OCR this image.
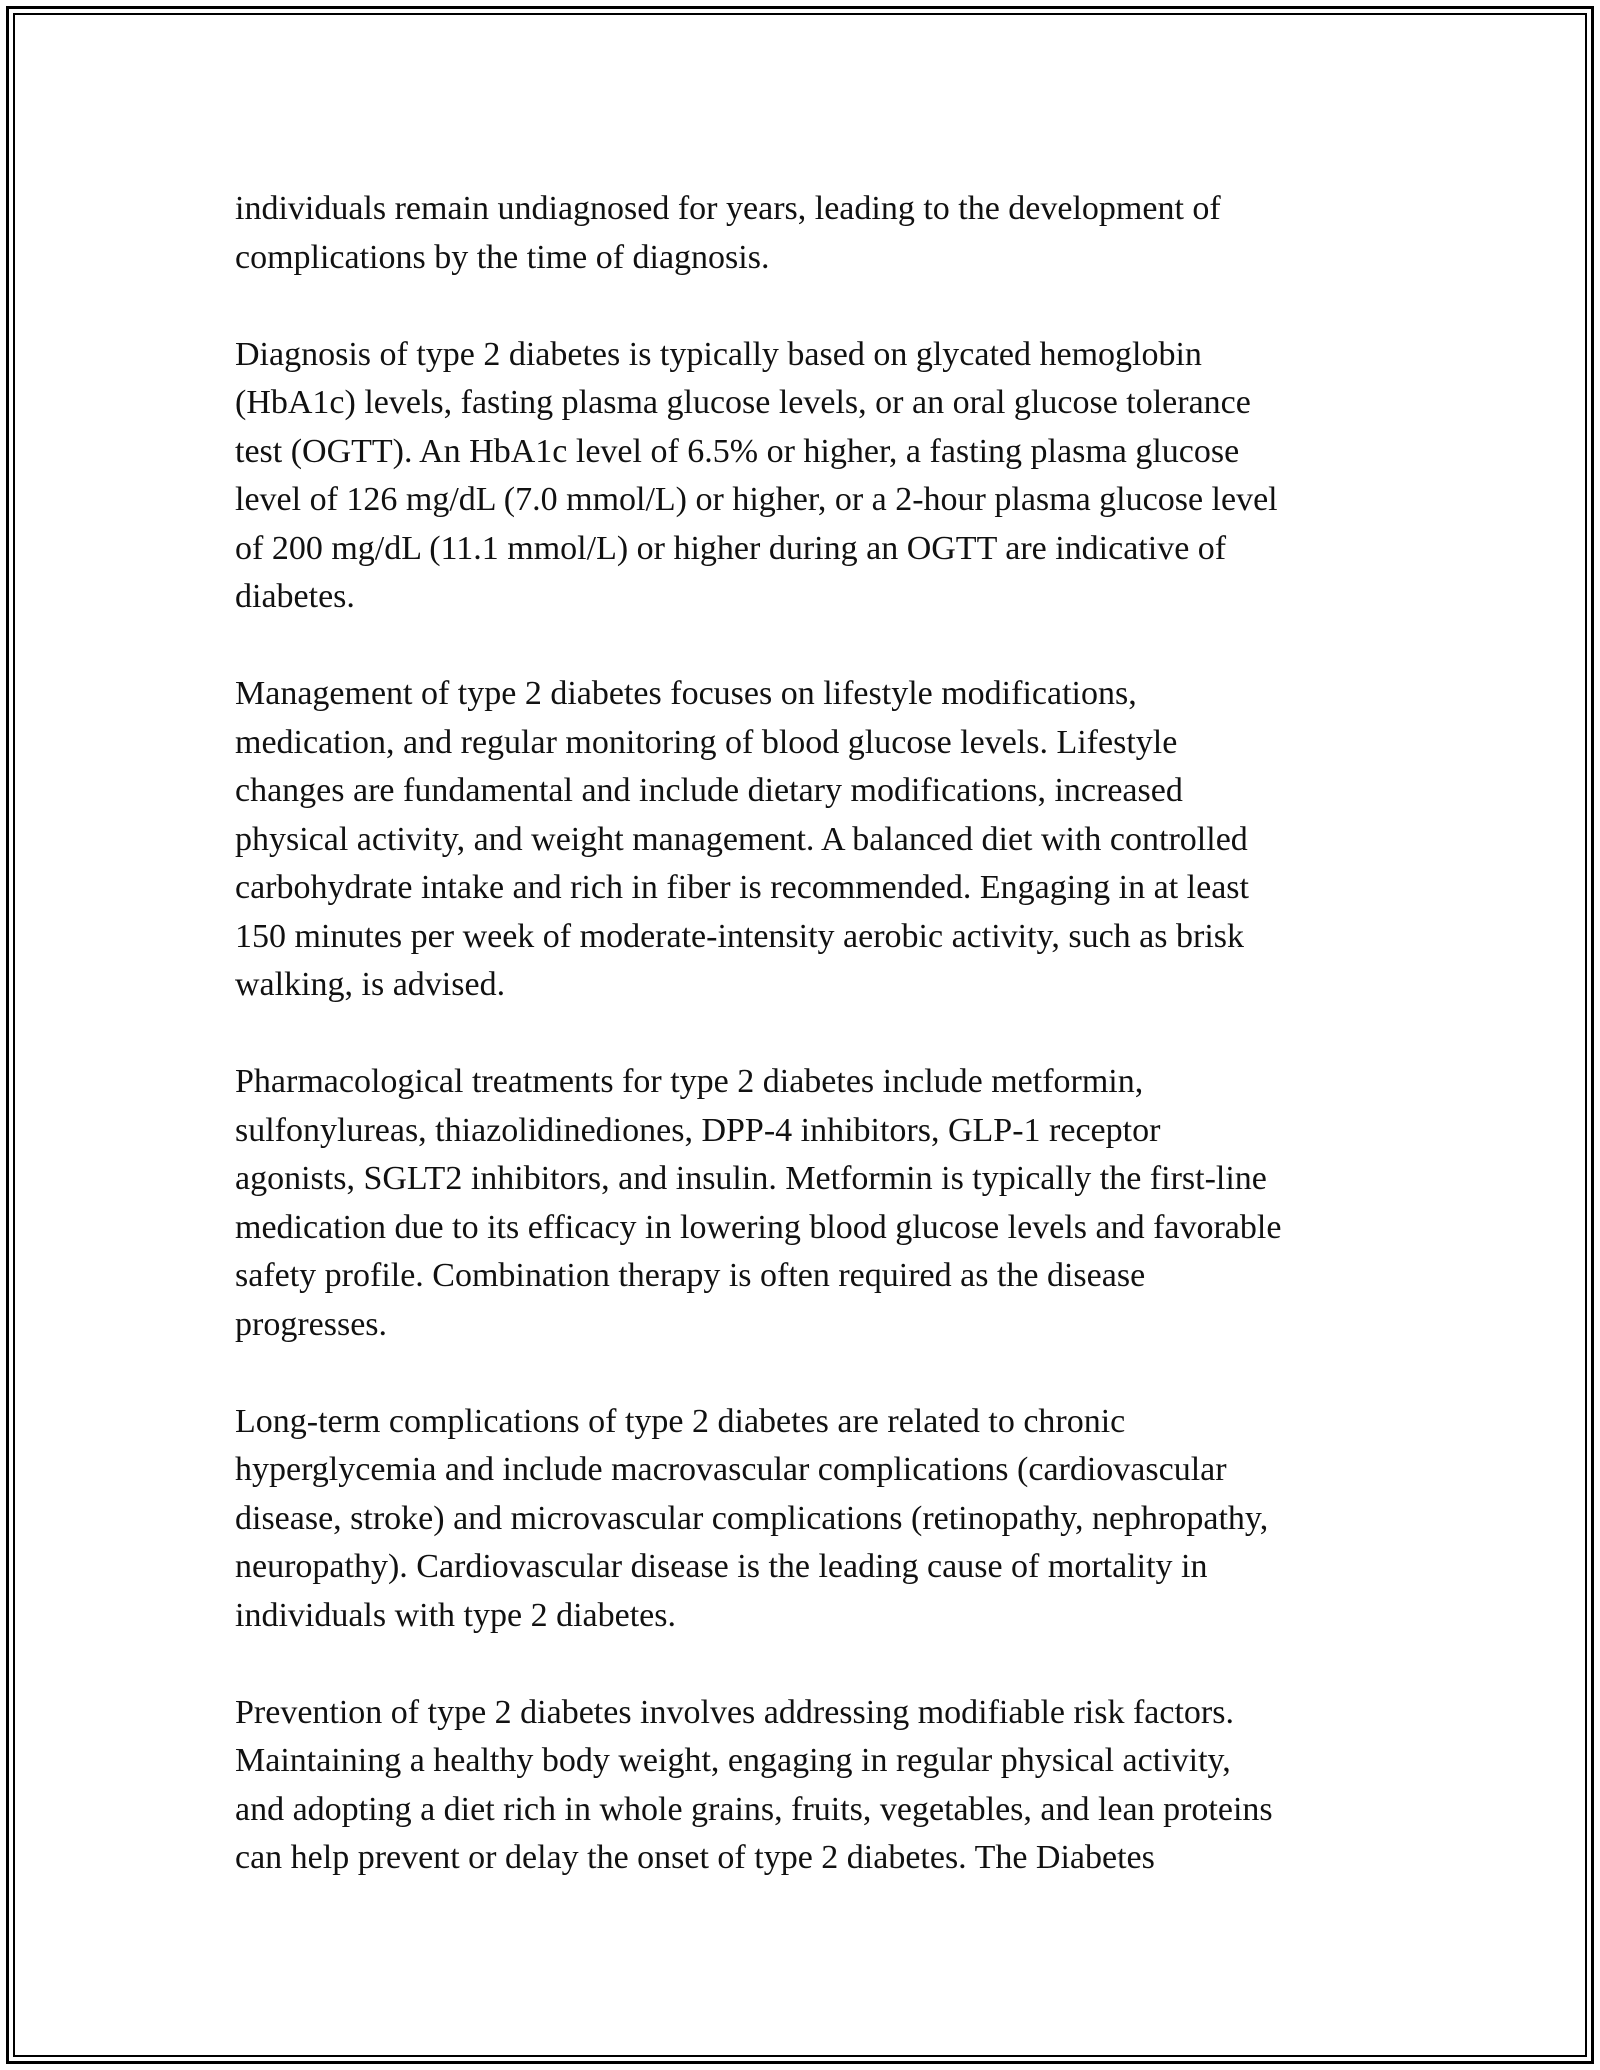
individuals remain undiagnosed for years, leading to the development of
complications by the time of diagnosis.

Diagnosis of type 2 diabetes is typically based on glycated hemoglobin
(HbA1c) levels, fasting plasma glucose levels, or an oral glucose tolerance
test (OGTT). An HbA1c level of 6.5% or higher, a fasting plasma glucose
level of 126 mg/dL (7.0 mmol/L) or higher, or a 2-hour plasma glucose level
of 200 mg/dL (11.1 mmol/L) or higher during an OGTT are indicative of
diabetes.

Management of type 2 diabetes focuses on lifestyle modifications,
medication, and regular monitoring of blood glucose levels. Lifestyle
changes are fundamental and include dietary modifications, increased
physical activity, and weight management. A balanced diet with controlled
carbohydrate intake and rich in fiber is recommended. Engaging in at least
150 minutes per week of moderate-intensity aerobic activity, such as brisk
walking, is advised.

Pharmacological treatments for type 2 diabetes include metformin,
sulfonylureas, thiazolidinediones, DPP-4 inhibitors, GLP-1 receptor
agonists, SGLT2 inhibitors, and insulin. Metformin is typically the first-line
medication due to its efficacy in lowering blood glucose levels and favorable
safety profile. Combination therapy is often required as the disease
progresses.

Long-term complications of type 2 diabetes are related to chronic
hyperglycemia and include macrovascular complications (cardiovascular
disease, stroke) and microvascular complications (retinopathy, nephropathy,
neuropathy). Cardiovascular disease is the leading cause of mortality in
individuals with type 2 diabetes.

Prevention of type 2 diabetes involves addressing modifiable risk factors.
Maintaining a healthy body weight, engaging in regular physical activity,
and adopting a diet rich in whole grains, fruits, vegetables, and lean proteins
can help prevent or delay the onset of type 2 diabetes. The Diabetes
